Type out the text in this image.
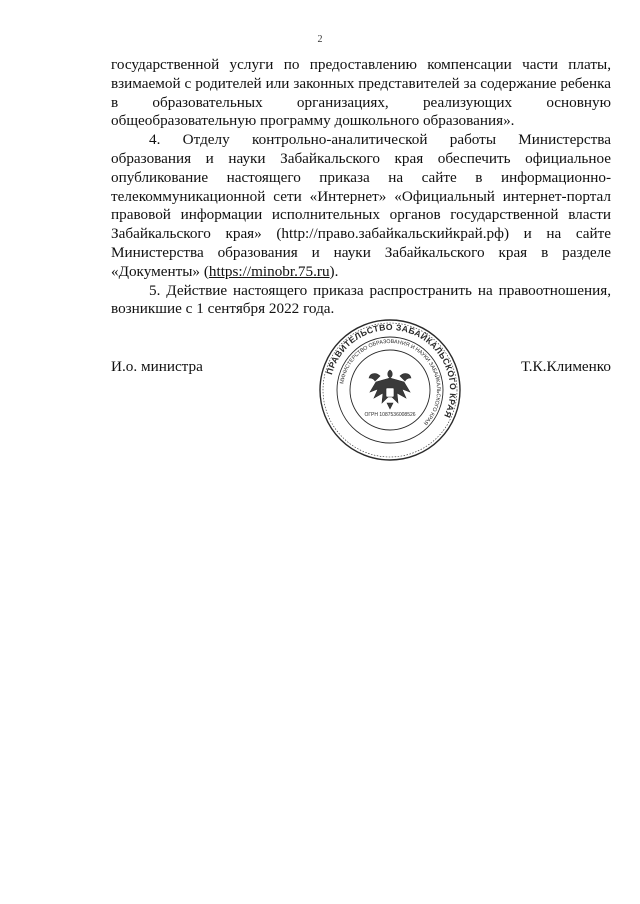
2

государственной услуги по предоставлению компенсации части платы, взимаемой с родителей или законных представителей за содержание ребенка в образовательных организациях, реализующих основную общеобразовательную программу дошкольного образования».

4. Отделу контрольно-аналитической работы Министерства образования и науки Забайкальского края обеспечить официальное опубликование настоящего приказа на сайте в информационно-телекоммуникационной сети «Интернет» «Официальный интернет-портал правовой информации исполнительных органов государственной власти Забайкальского края» (http://право.забайкальскийкрай.рф) и на сайте Министерства образования и науки Забайкальского края в разделе «Документы» (https://minobr.75.ru).

5. Действие настоящего приказа распространить на правоотношения, возникшие с 1 сентября 2022 года.

И.о. министра	Т.К.Клименко
ПРАВИТЕЛЬСТВО ЗАБАЙКАЛЬСКОГО КРАЯ
МИНИСТЕРСТВО ОБРАЗОВАНИЯ И НАУКИ ЗАБАЙКАЛЬСКОГО КРАЯ
ОГРН 1087536008526
